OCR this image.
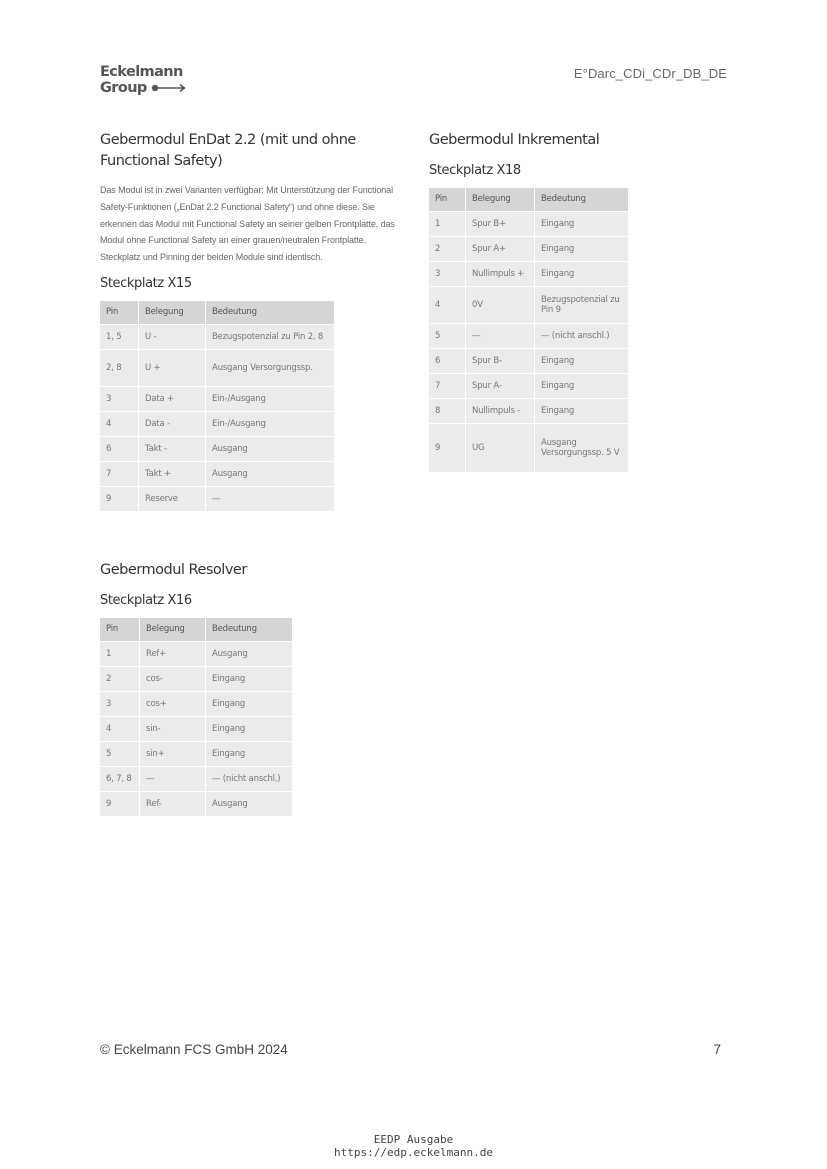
Eckelmann
Group
E°Darc_CDi_CDr_DB_DE
Gebermodul EnDat 2.2 (mit und ohne Functional Safety)

Das Modul ist in zwei Varianten verfügbar: Mit Unterstützung der Functional Safety-Funktionen („EnDat 2.2 Functional Safety“) und ohne diese. Sie erkennen das Modul mit Functional Safety an seiner gelben Frontplatte, das Modul ohne Functional Safety an einer grauen/neutralen Frontplatte. Steckplatz und Pinning der beiden Module sind identisch.

Steckplatz X15
Pin	Belegung	Bedeutung
1, 5	U -	Bezugspotenzial zu Pin 2, 8
2, 8	U +	Ausgang Versorgungssp.
3	Data +	Ein-/Ausgang
4	Data -	Ein-/Ausgang
6	Takt -	Ausgang
7	Takt +	Ausgang
9	Reserve	—
Gebermodul Resolver
Steckplatz X16
Pin	Belegung	Bedeutung
1	Ref+	Ausgang
2	cos-	Eingang
3	cos+	Eingang
4	sin-	Eingang
5	sin+	Eingang
6, 7, 8	—	— (nicht anschl.)
9	Ref-	Ausgang
Gebermodul Inkremental
Steckplatz X18
Pin	Belegung	Bedeutung
1	Spur B+	Eingang
2	Spur A+	Eingang
3	Nullimpuls +	Eingang
4	0V	Bezugspotenzial zu Pin 9
5	—	— (nicht anschl.)
6	Spur B-	Eingang
7	Spur A-	Eingang
8	Nullimpuls -	Eingang
9	UG	Ausgang Versorgungssp. 5 V
© Eckelmann FCS GmbH 2024	7
EEDP Ausgabe
https://edp.eckelmann.de
